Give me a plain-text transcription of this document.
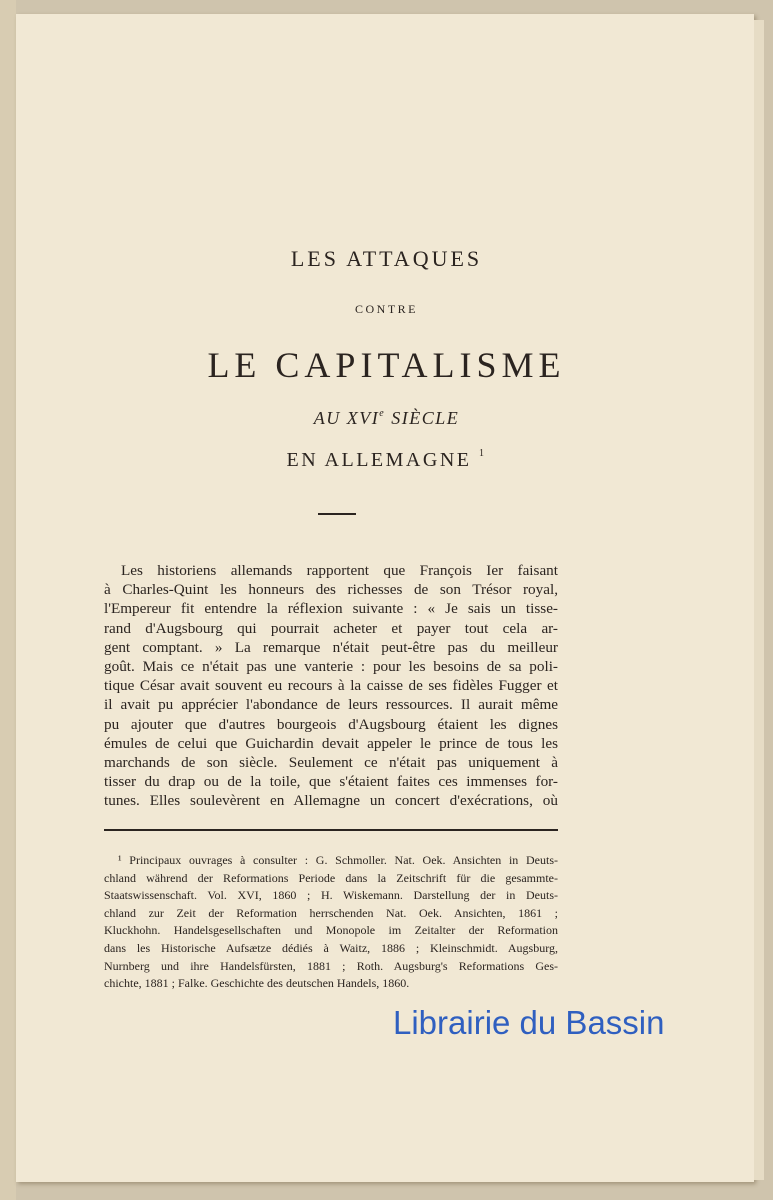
LES ATTAQUES
CONTRE
LE CAPITALISME
AU XVIe SIÈCLE
EN ALLEMAGNE $^1$
Les historiens allemands rapportent que François Ier faisant
à Charles-Quint les honneurs des richesses de son Trésor royal,
l'Empereur fit entendre la réflexion suivante : « Je sais un tisse-
rand d'Augsbourg qui pourrait acheter et payer tout cela ar-
gent comptant. » La remarque n'était peut-être pas du meilleur
goût. Mais ce n'était pas une vanterie : pour les besoins de sa poli-
tique César avait souvent eu recours à la caisse de ses fidèles Fugger et
il avait pu apprécier l'abondance de leurs ressources. Il aurait même
pu ajouter que d'autres bourgeois d'Augsbourg étaient les dignes
émules de celui que Guichardin devait appeler le prince de tous les
marchands de son siècle. Seulement ce n'était pas uniquement à
tisser du drap ou de la toile, que s'étaient faites ces immenses for-
tunes. Elles soulevèrent en Allemagne un concert d'exécrations, où
¹ Principaux ouvrages à consulter : G. Schmoller. Nat. Oek. Ansichten in Deuts-
chland während der Reformations Periode dans la Zeitschrift für die gesammte-
Staatswissenschaft. Vol. XVI, 1860 ; H. Wiskemann. Darstellung der in Deuts-
chland zur Zeit der Reformation herrschenden Nat. Oek. Ansichten, 1861 ;
Kluckhohn. Handelsgesellschaften und Monopole im Zeitalter der Reformation
dans les Historische Aufsætze dédiés à Waitz, 1886 ; Kleinschmidt. Augsburg,
Nurnberg und ihre Handelsfürsten, 1881 ; Roth. Augsburg's Reformations Ges-
chichte, 1881 ; Falke. Geschichte des deutschen Handels, 1860.
Librairie du Bassin
